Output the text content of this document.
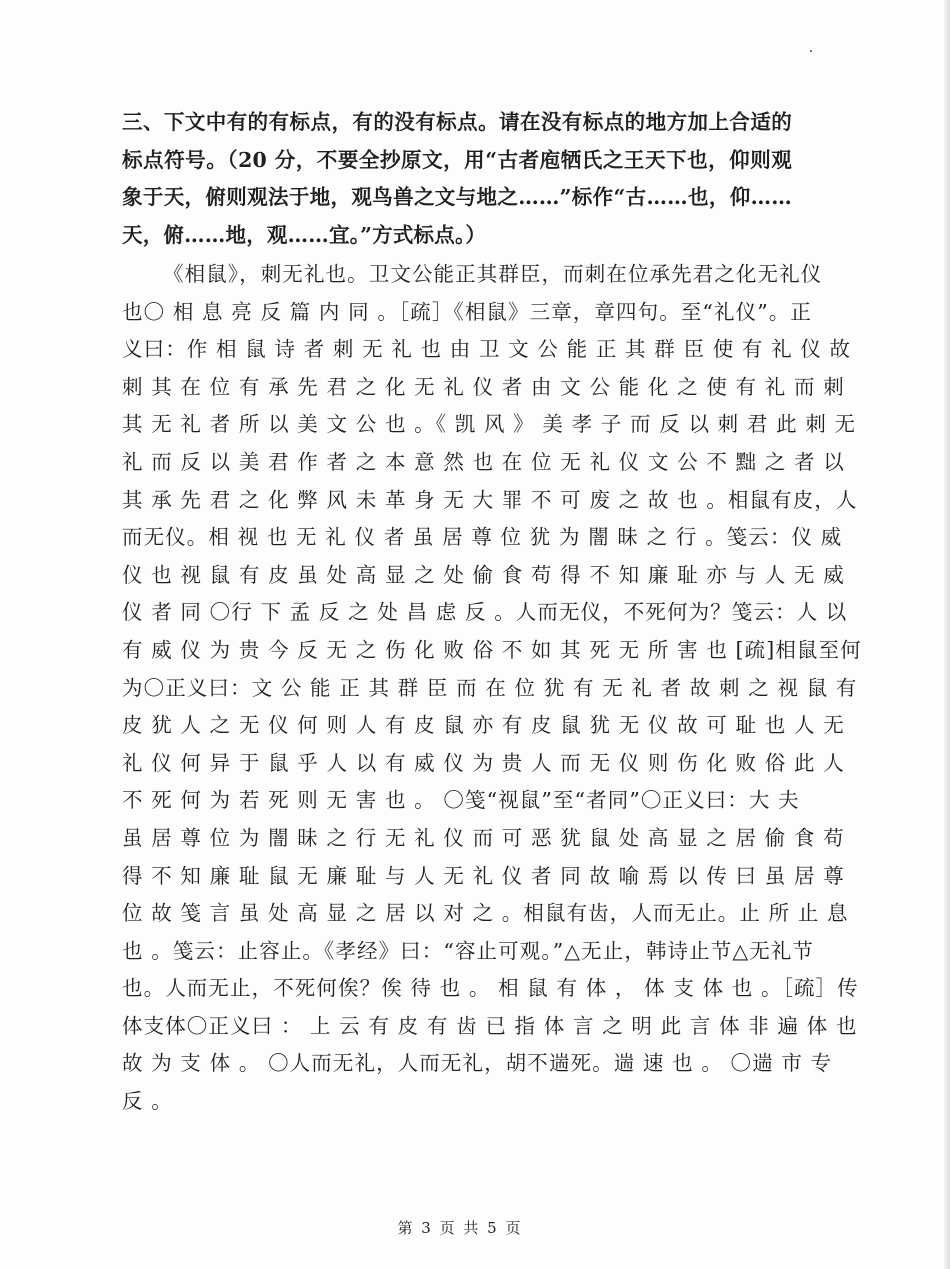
三、下文中有的有标点，有的没有标点。请在没有标点的地方加上合适的
标点符号。（20 分，不要全抄原文，用“古者庖牺氏之王天下也，仰则观
象于天，俯则观法于地，观鸟兽之文与地之……”标作“古……也，仰……
天，俯……地，观……宜。”方式标点。）
《相鼠》，刺无礼也。卫文公能正其群臣，而刺在位承先君之化无礼仪
也〇 相 息 亮 反 篇 内 同 。［疏］《相鼠》三章，章四句。至“礼仪”。正
义曰：作 相 鼠 诗 者 刺 无 礼 也 由 卫 文 公 能 正 其 群 臣 使 有 礼 仪 故
刺 其 在 位 有 承 先 君 之 化 无 礼 仪 者 由 文 公 能 化 之 使 有 礼 而 刺
其 无 礼 者 所 以 美 文 公 也 。《 凯 风 》 美 孝 子 而 反 以 刺 君 此 刺 无
礼 而 反 以 美 君 作 者 之 本 意 然 也 在 位 无 礼 仪 文 公 不 黜 之 者 以
其 承 先 君 之 化 弊 风 未 革 身 无 大 罪 不 可 废 之 故 也 。相鼠有皮，人
而无仪。相 视 也 无 礼 仪 者 虽 居 尊 位 犹 为 闇 昧 之 行 。笺云：仪 威
仪 也 视 鼠 有 皮 虽 处 高 显 之 处 偷 食 苟 得 不 知 廉 耻 亦 与 人 无 威
仪 者 同 〇行 下 孟 反 之 处 昌 虑 反 。人而无仪，不死何为？笺云：人 以
有 威 仪 为 贵 今 反 无 之 伤 化 败 俗 不 如 其 死 无 所 害 也 [疏]相鼠至何
为〇正义曰：文 公 能 正 其 群 臣 而 在 位 犹 有 无 礼 者 故 刺 之 视 鼠 有
皮 犹 人 之 无 仪 何 则 人 有 皮 鼠 亦 有 皮 鼠 犹 无 仪 故 可 耻 也 人 无
礼 仪 何 异 于 鼠 乎 人 以 有 威 仪 为 贵 人 而 无 仪 则 伤 化 败 俗 此 人
不 死 何 为 若 死 则 无 害 也 。 〇笺“视鼠”至“者同”〇正义曰：大 夫
虽 居 尊 位 为 闇 昧 之 行 无 礼 仪 而 可 恶 犹 鼠 处 高 显 之 居 偷 食 苟
得 不 知 廉 耻 鼠 无 廉 耻 与 人 无 礼 仪 者 同 故 喻 焉 以 传 曰 虽 居 尊
位 故 笺 言 虽 处 高 显 之 居 以 对 之 。相鼠有齿，人而无止。止 所 止 息
也 。笺云：止容止。《孝经》曰：“容止可观。”△无止，韩诗止节△无礼节
也。人而无止，不死何俟？俟 待 也 。 相 鼠 有 体 ， 体 支 体 也 。［疏］传
体支体〇正义曰 ： 上 云 有 皮 有 齿 已 指 体 言 之 明 此 言 体 非 遍 体 也
故 为 支 体 。 〇人而无礼，人而无礼，胡不遄死。遄 速 也 。 〇遄 市 专
反 。
第 3 页 共 5 页
